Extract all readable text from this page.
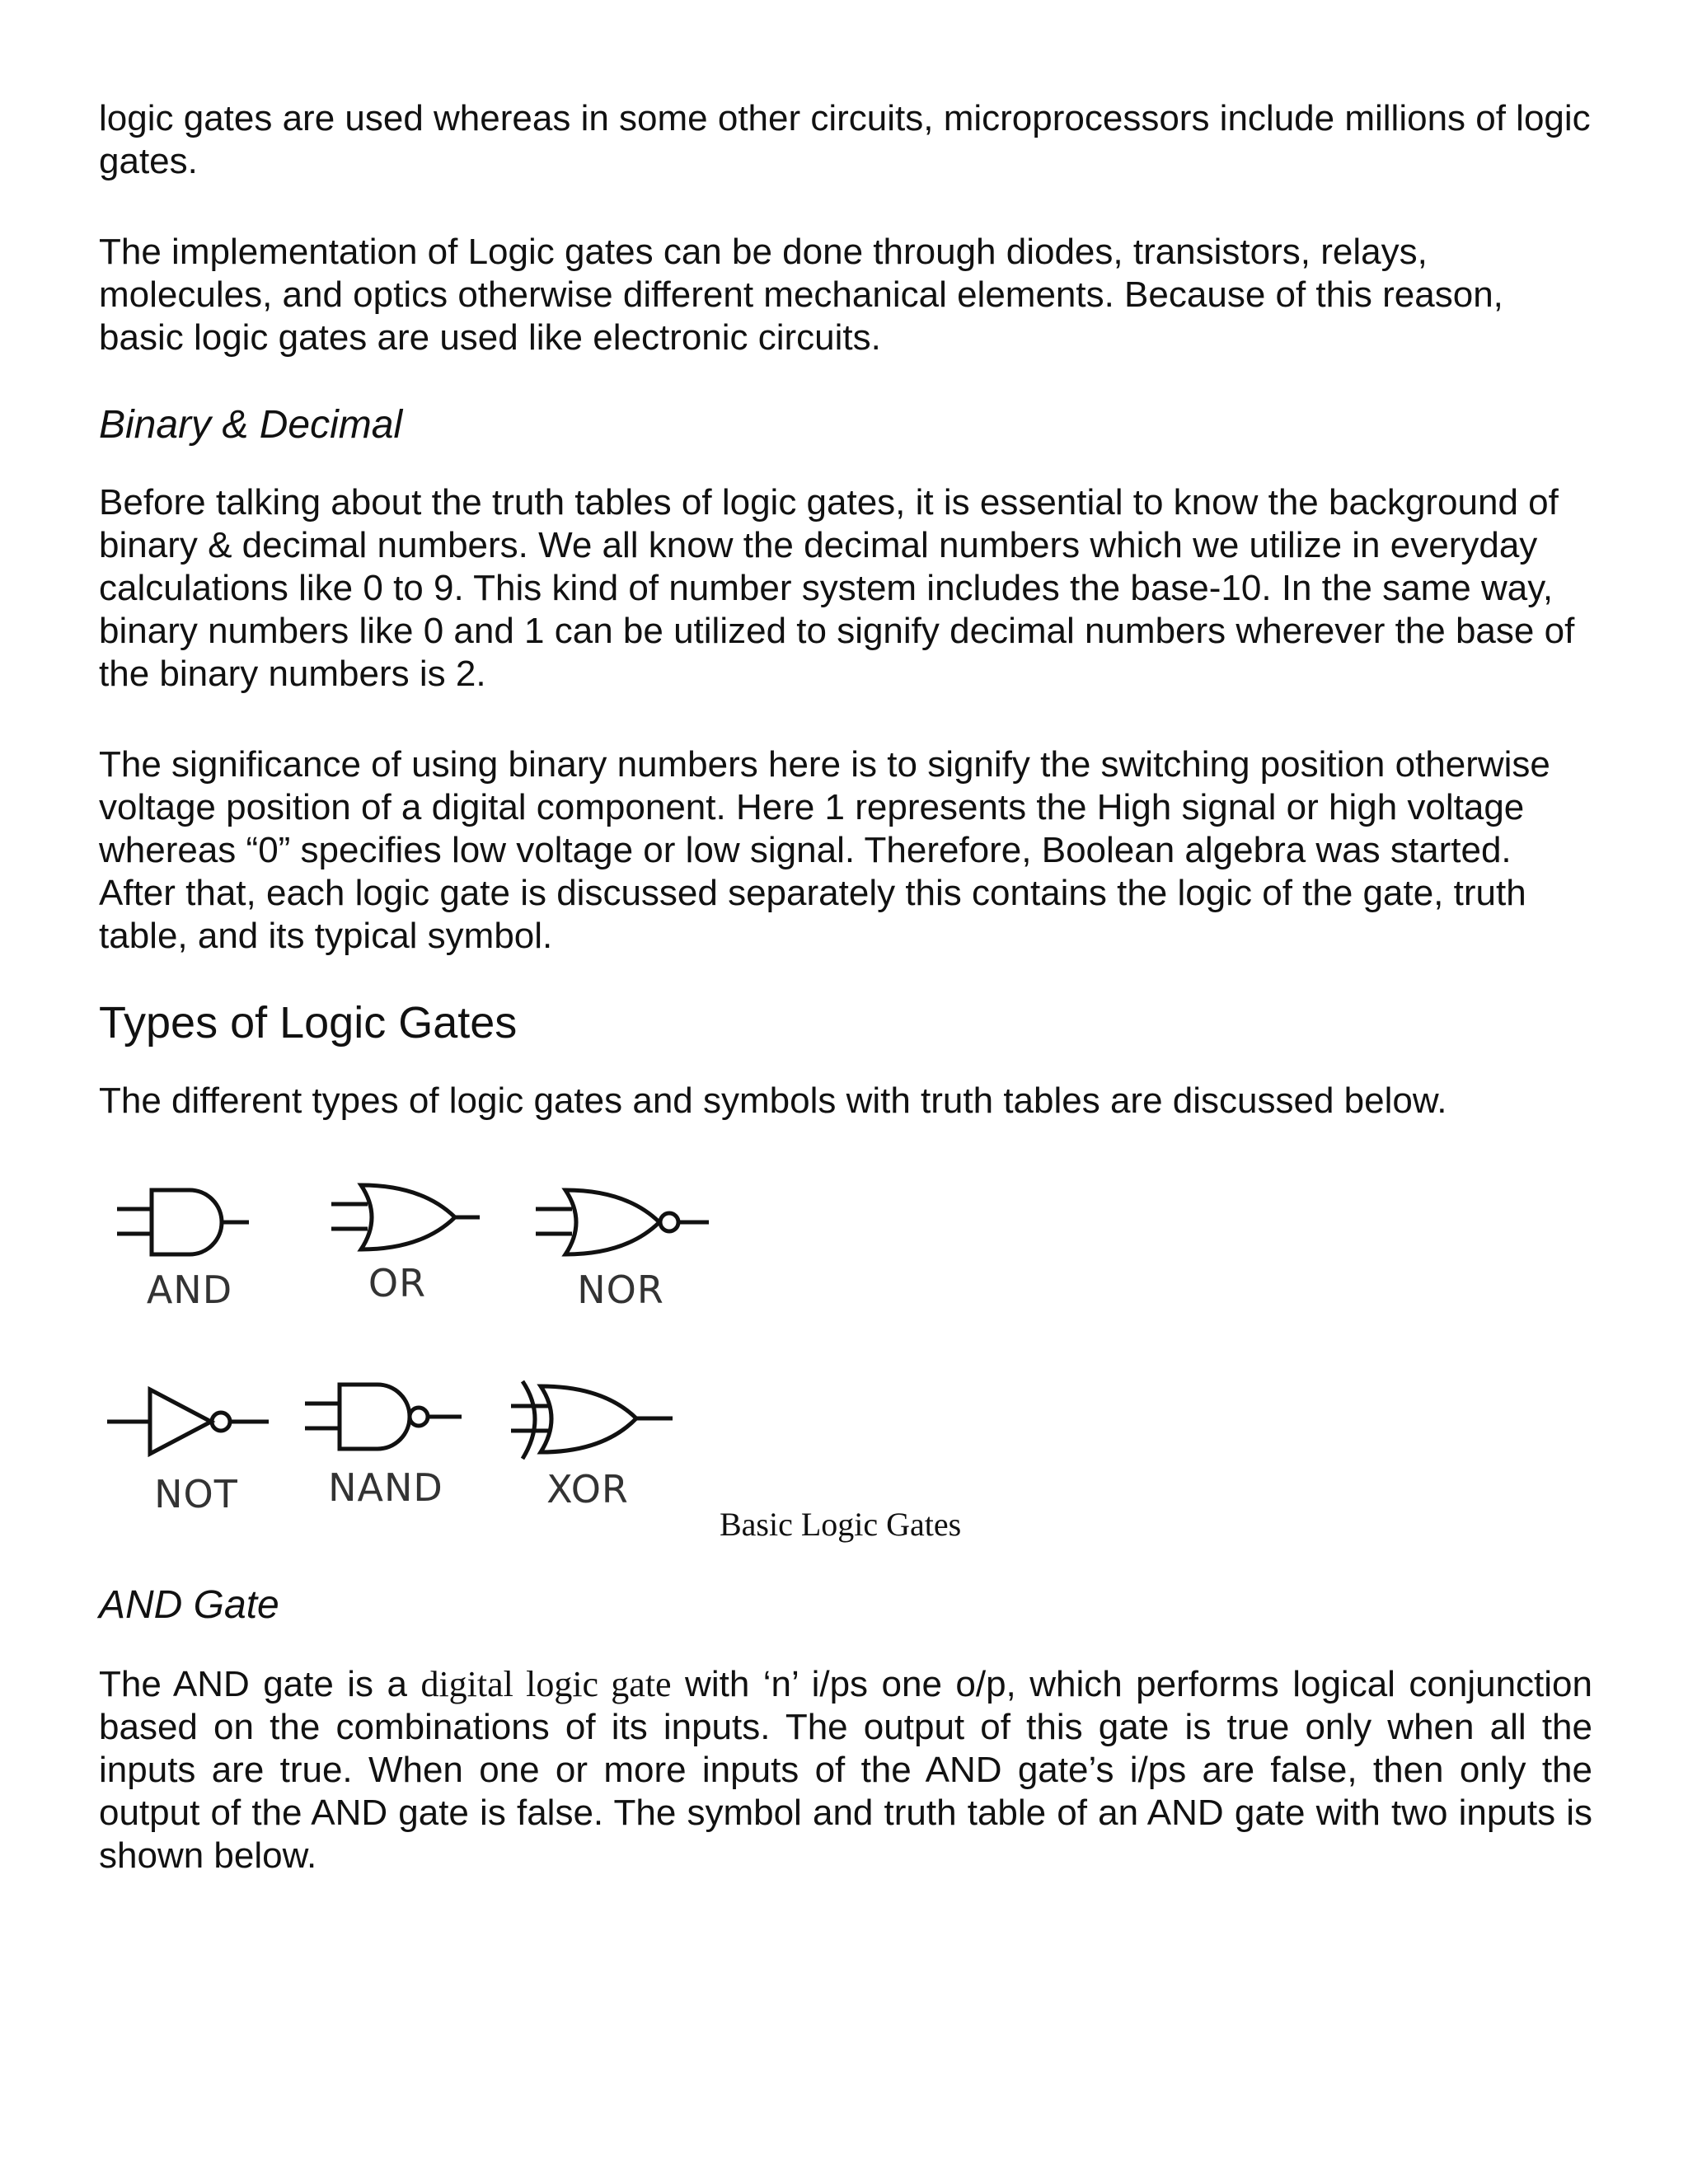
logic gates are used whereas in some other circuits, microprocessors include millions of logic gates.

The implementation of Logic gates can be done through diodes, transistors, relays, molecules, and optics otherwise different mechanical elements. Because of this reason, basic logic gates are used like electronic circuits.

Binary & Decimal

Before talking about the truth tables of logic gates, it is essential to know the background of binary & decimal numbers. We all know the decimal numbers which we utilize in everyday calculations like 0 to 9. This kind of number system includes the base-10. In the same way, binary numbers like 0 and 1 can be utilized to signify decimal numbers wherever the base of the binary numbers is 2.

The significance of using binary numbers here is to signify the switching position otherwise voltage position of a digital component. Here 1 represents the High signal or high voltage whereas “0” specifies low voltage or low signal. Therefore, Boolean algebra was started. After that, each logic gate is discussed separately this contains the logic of the gate, truth table, and its typical symbol.

Types of Logic Gates

The different types of logic gates and symbols with truth tables are discussed below.

AND	OR	NOR
NOT	NAND	XOR
Basic Logic Gates
AND Gate

The AND gate is a digital logic gate with ‘n’ i/ps one o/p, which performs logical conjunction based on the combinations of its inputs. The output of this gate is true only when all the inputs are true. When one or more inputs of the AND gate’s i/ps are false, then only the output of the AND gate is false. The symbol and truth table of an AND gate with two inputs is shown below.
